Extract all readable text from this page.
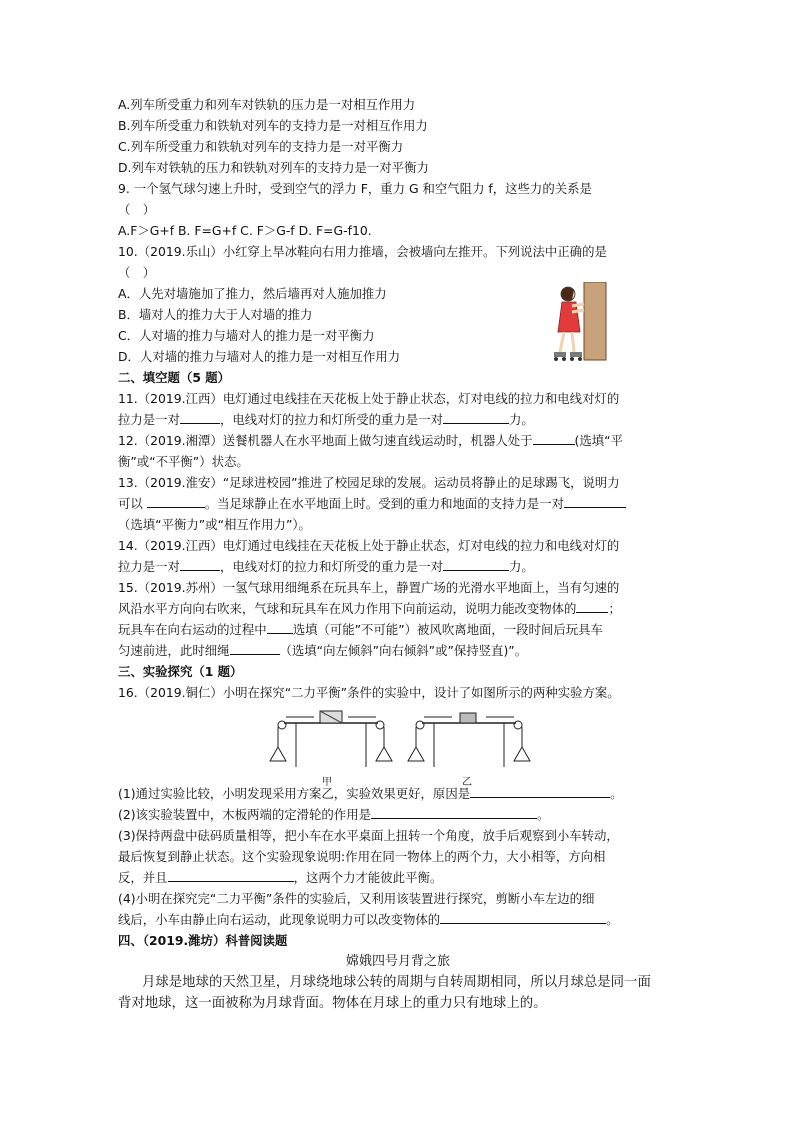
A.列车所受重力和列车对铁轨的压力是一对相互作用力
B.列车所受重力和铁轨对列车的支持力是一对相互作用力
C.列车所受重力和铁轨对列车的支持力是一对平衡力
D.列车对铁轨的压力和铁轨对列车的支持力是一对平衡力
9. 一个氢气球匀速上升时，受到空气的浮力 F，重力 G 和空气阻力 f，这些力的关系是
（　）
A.F＞G+f B. F=G+f C. F＞G-f D. F=G-f10.
10.（2019.乐山）小红穿上旱冰鞋向右用力推墙，会被墙向左推开。下列说法中正确的是
（　）
A．人先对墙施加了推力，然后墙再对人施加推力
B．墙对人的推力大于人对墙的推力
C．人对墙的推力与墙对人的推力是一对平衡力
D．人对墙的推力与墙对人的推力是一对相互作用力
二、填空题（5 题）
11.（2019.江西）电灯通过电线挂在天花板上处于静止状态，灯对电线的拉力和电线对灯的
拉力是一对	，电线对灯的拉力和灯所受的重力是一对	力。
12.（2019.湘潭）送餐机器人在水平地面上做匀速直线运动时，机器人处于	(选填“平
衡”或“不平衡”）状态。
13.（2019.淮安）“足球进校园”推进了校园足球的发展。运动员将静止的足球踢飞，说明力
可以	。当足球静止在水平地面上时。受到的重力和地面的支持力是一对
（选填“平衡力”或“相互作用力”）。
14.（2019.江西）电灯通过电线挂在天花板上处于静止状态，灯对电线的拉力和电线对灯的
拉力是一对	，电线对灯的拉力和灯所受的重力是一对	力。
15.（2019.苏州）一氢气球用细绳系在玩具车上，静置广场的光滑水平地面上，当有匀速的
风沿水平方向向右吹来，气球和玩具车在风力作用下向前运动，说明力能改变物体的	；
玩具车在向右运动的过程中 选填（可能”不可能”）被风吹离地面，一段时间后玩具车
匀速前进，此时细绳	（选填“向左倾斜”向右倾斜”或”保持竖直)”。
三、实验探究（1 题）
16.（2019.铜仁）小明在探究“二力平衡”条件的实验中，设计了如图所示的两种实验方案。
甲	乙
(1)通过实验比较，小明发现采用方案乙，实验效果更好，原因是	。
(2)该实验装置中，木板两端的定滑轮的作用是	。
(3)保持两盘中砝码质量相等，把小车在水平桌面上扭转一个角度，放手后观察到小车转动，
最后恢复到静止状态。这个实验现象说明:作用在同一物体上的两个力，大小相等，方向相
反，并且	，这两个力才能彼此平衡。
(4)小明在探究完“二力平衡”条件的实验后，又利用该装置进行探究，剪断小车左边的细
线后，小车由静止向右运动，此现象说明力可以改变物体的	。
四、（2019.潍坊）科普阅读题
嫦娥四号月背之旅
月球是地球的天然卫星，月球绕地球公转的周期与自转周期相同，所以月球总是同一面
背对地球，这一面被称为月球背面。物体在月球上的重力只有地球上的。
